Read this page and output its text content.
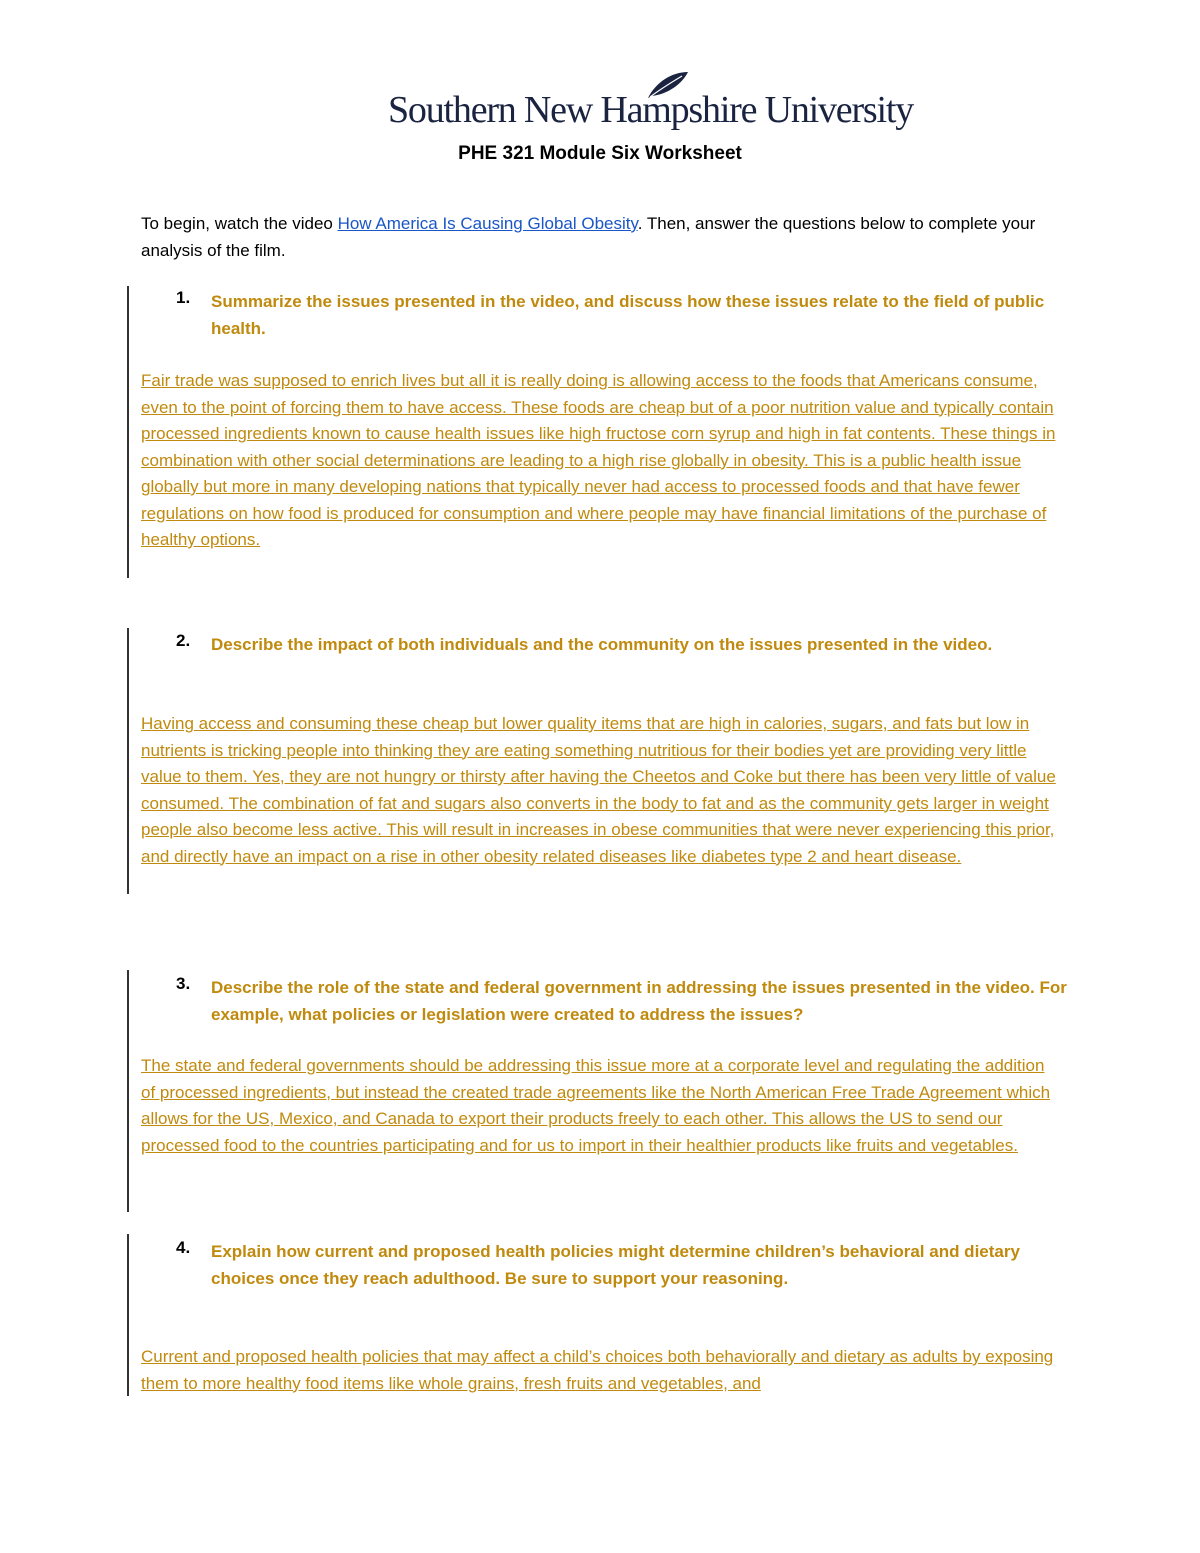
Southern New Hampshire University
PHE 321 Module Six Worksheet
To begin, watch the video How America Is Causing Global Obesity. Then, answer the questions below to complete your analysis of the film.
1. Summarize the issues presented in the video, and discuss how these issues relate to the field of public health.
Fair trade was supposed to enrich lives but all it is really doing is allowing access to the foods that Americans consume, even to the point of forcing them to have access. These foods are cheap but of a poor nutrition value and typically contain processed ingredients known to cause health issues like high fructose corn syrup and high in fat contents. These things in combination with other social determinations are leading to a high rise globally in obesity. This is a public health issue globally but more in many developing nations that typically never had access to processed foods and that have fewer regulations on how food is produced for consumption and where people may have financial limitations of the purchase of healthy options.
2. Describe the impact of both individuals and the community on the issues presented in the video.
Having access and consuming these cheap but lower quality items that are high in calories, sugars, and fats but low in nutrients is tricking people into thinking they are eating something nutritious for their bodies yet are providing very little value to them. Yes, they are not hungry or thirsty after having the Cheetos and Coke but there has been very little of value consumed. The combination of fat and sugars also converts in the body to fat and as the community gets larger in weight people also become less active. This will result in increases in obese communities that were never experiencing this prior, and directly have an impact on a rise in other obesity related diseases like diabetes type 2 and heart disease.
3. Describe the role of the state and federal government in addressing the issues presented in the video. For example, what policies or legislation were created to address the issues?
The state and federal governments should be addressing this issue more at a corporate level and regulating the addition of processed ingredients, but instead the created trade agreements like the North American Free Trade Agreement which allows for the US, Mexico, and Canada to export their products freely to each other. This allows the US to send our processed food to the countries participating and for us to import in their healthier products like fruits and vegetables.
4. Explain how current and proposed health policies might determine children’s behavioral and dietary choices once they reach adulthood. Be sure to support your reasoning.
Current and proposed health policies that may affect a child’s choices both behaviorally and dietary as adults by exposing them to more healthy food items like whole grains, fresh fruits and vegetables, and
